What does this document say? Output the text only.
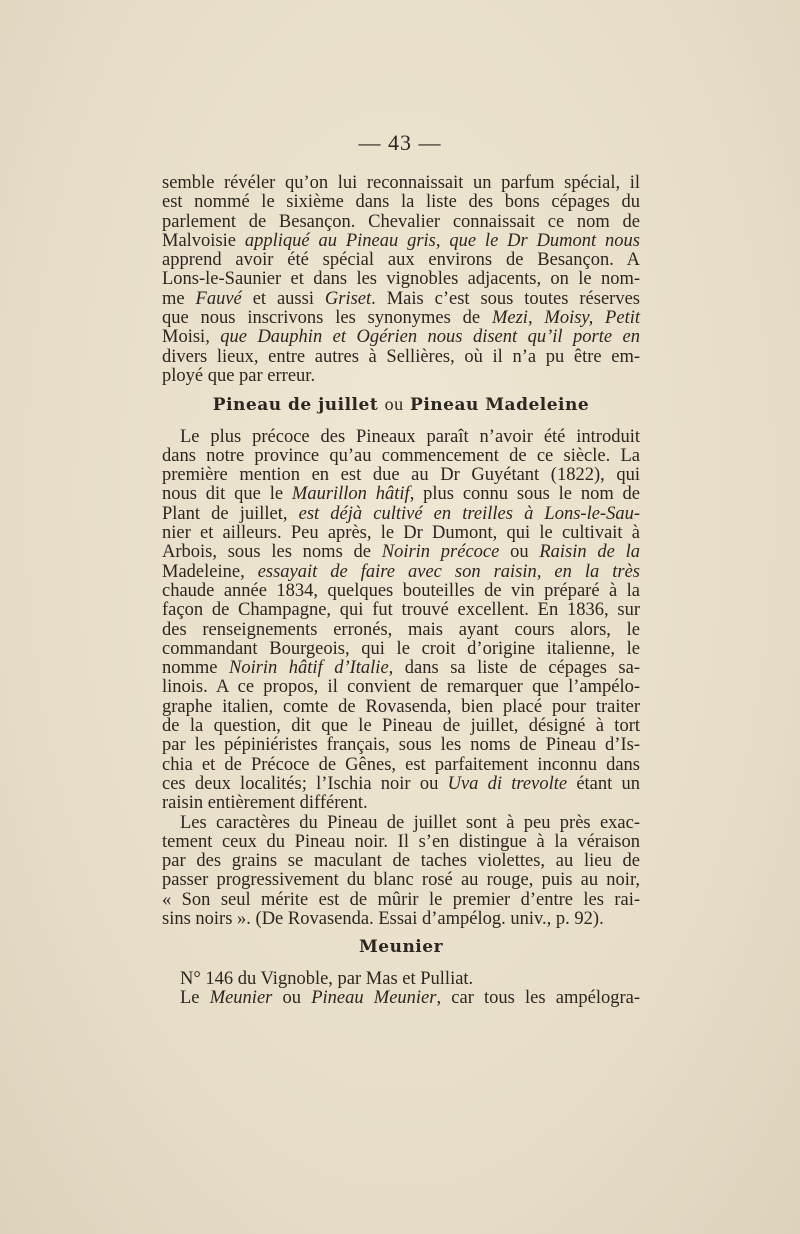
— 43 —
semble révéler qu’on lui reconnaissait un parfum spécial, il
est nommé le sixième dans la liste des bons cépages du
parlement de Besançon. Chevalier connaissait ce nom de
Malvoisie appliqué au Pineau gris, que le Dr Dumont nous
apprend avoir été spécial aux environs de Besançon. A
Lons-le-Saunier et dans les vignobles adjacents, on le nom-
me Fauvé et aussi Griset. Mais c’est sous toutes réserves
que nous inscrivons les synonymes de Mezi, Moisy, Petit
Moisi, que Dauphin et Ogérien nous disent qu’il porte en
divers lieux, entre autres à Sellières, où il n’a pu être em-
ployé que par erreur.
Pineau de juillet ou Pineau Madeleine
Le plus précoce des Pineaux paraît n’avoir été introduit
dans notre province qu’au commencement de ce siècle. La
première mention en est due au Dr Guyétant (1822), qui
nous dit que le Maurillon hâtif, plus connu sous le nom de
Plant de juillet, est déjà cultivé en treilles à Lons-le-Sau-
nier et ailleurs. Peu après, le Dr Dumont, qui le cultivait à
Arbois, sous les noms de Noirin précoce ou Raisin de la
Madeleine, essayait de faire avec son raisin, en la très
chaude année 1834, quelques bouteilles de vin préparé à la
façon de Champagne, qui fut trouvé excellent. En 1836, sur
des renseignements erronés, mais ayant cours alors, le
commandant Bourgeois, qui le croit d’origine italienne, le
nomme Noirin hâtif d’Italie, dans sa liste de cépages sa-
linois. A ce propos, il convient de remarquer que l’ampélo-
graphe italien, comte de Rovasenda, bien placé pour traiter
de la question, dit que le Pineau de juillet, désigné à tort
par les pépiniéristes français, sous les noms de Pineau d’Is-
chia et de Précoce de Gênes, est parfaitement inconnu dans
ces deux localités; l’Ischia noir ou Uva di trevolte étant un
raisin entièrement différent.
Les caractères du Pineau de juillet sont à peu près exac-
tement ceux du Pineau noir. Il s’en distingue à la véraison
par des grains se maculant de taches violettes, au lieu de
passer progressivement du blanc rosé au rouge, puis au noir,
« Son seul mérite est de mûrir le premier d’entre les rai-
sins noirs ». (De Rovasenda. Essai d’ampélog. univ., p. 92).
Meunier
N° 146 du Vignoble, par Mas et Pulliat.
Le Meunier ou Pineau Meunier, car tous les ampélogra-
